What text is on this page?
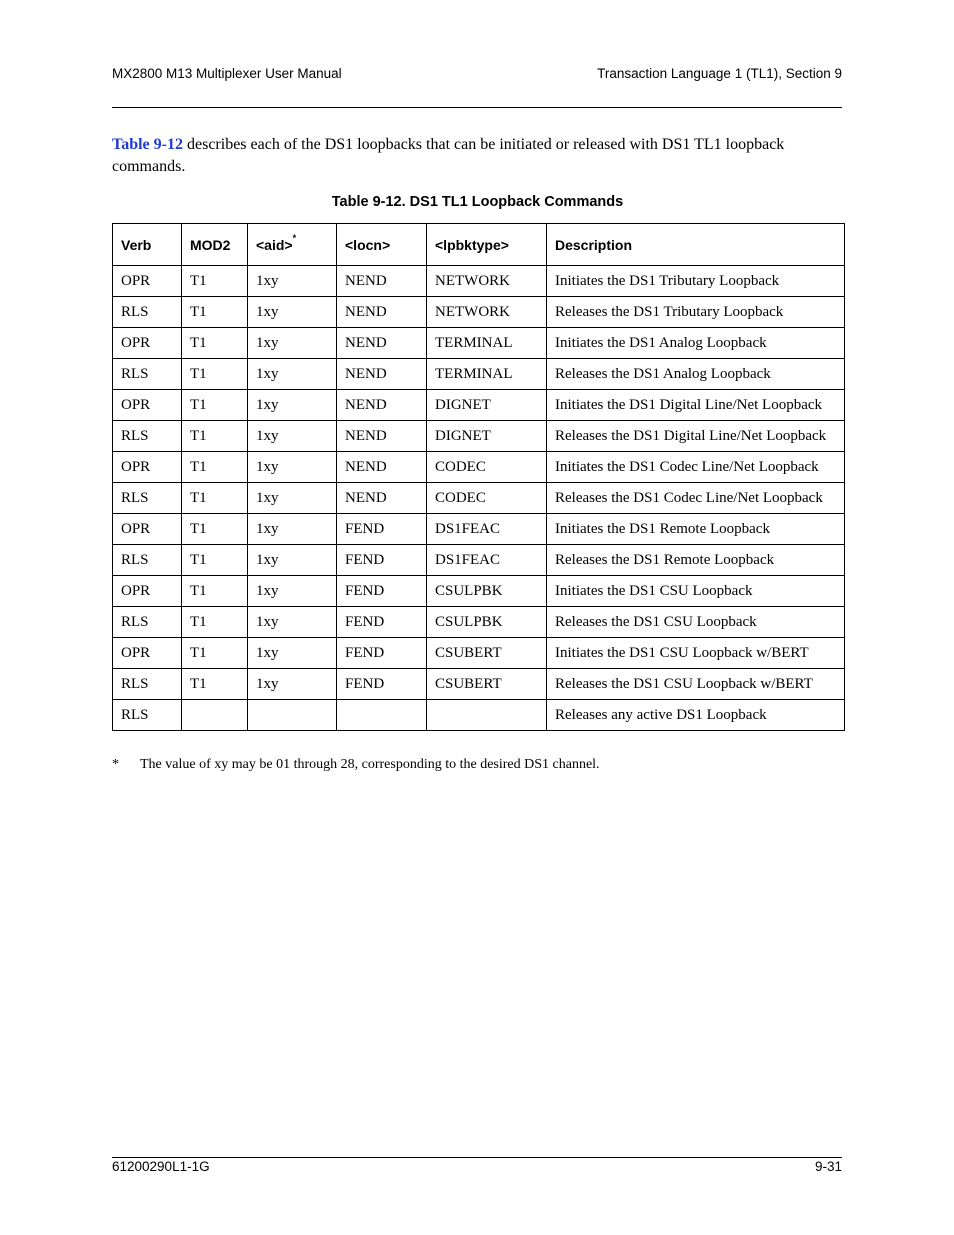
MX2800 M13 Multiplexer User Manual	Transaction Language 1 (TL1), Section 9

Table 9-12 describes each of the DS1 loopbacks that can be initiated or released with DS1 TL1 loopback commands.

Table 9-12. DS1 TL1 Loopback Commands
Verb	MOD2	<aid>*	<locn>	<lpbktype>	Description
OPR	T1	1xy	NEND	NETWORK	Initiates the DS1 Tributary Loopback
RLS	T1	1xy	NEND	NETWORK	Releases the DS1 Tributary Loopback
OPR	T1	1xy	NEND	TERMINAL	Initiates the DS1 Analog Loopback
RLS	T1	1xy	NEND	TERMINAL	Releases the DS1 Analog Loopback
OPR	T1	1xy	NEND	DIGNET	Initiates the DS1 Digital Line/Net Loopback
RLS	T1	1xy	NEND	DIGNET	Releases the DS1 Digital Line/Net Loopback
OPR	T1	1xy	NEND	CODEC	Initiates the DS1 Codec Line/Net Loopback
RLS	T1	1xy	NEND	CODEC	Releases the DS1 Codec Line/Net Loopback
OPR	T1	1xy	FEND	DS1FEAC	Initiates the DS1 Remote Loopback
RLS	T1	1xy	FEND	DS1FEAC	Releases the DS1 Remote Loopback
OPR	T1	1xy	FEND	CSULPBK	Initiates the DS1 CSU Loopback
RLS	T1	1xy	FEND	CSULPBK	Releases the DS1 CSU Loopback
OPR	T1	1xy	FEND	CSUBERT	Initiates the DS1 CSU Loopback w/BERT
RLS	T1	1xy	FEND	CSUBERT	Releases the DS1 CSU Loopback w/BERT
RLS					Releases any active DS1 Loopback
* The value of xy may be 01 through 28, corresponding to the desired DS1 channel.
61200290L1-1G	9-31
